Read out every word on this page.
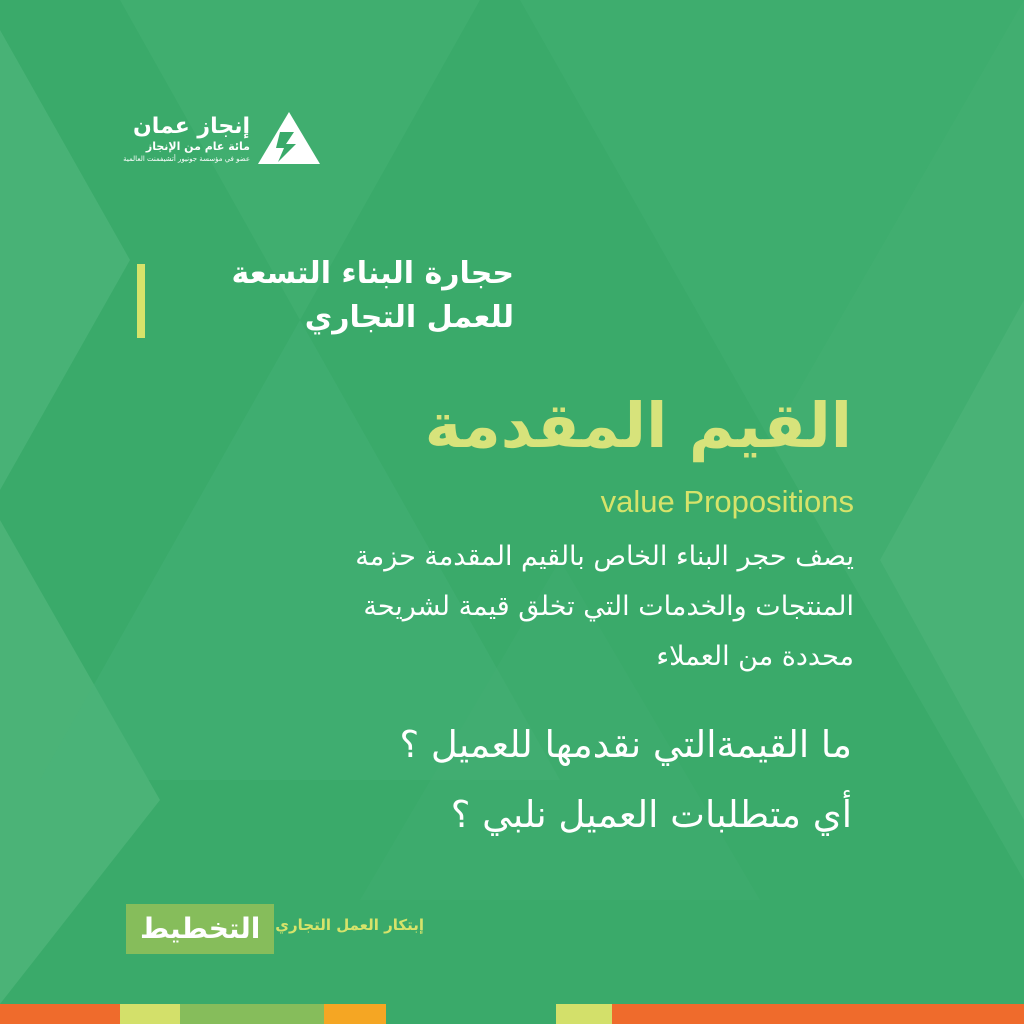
إنجاز عمان
مائة عام من الإنجاز
عضو في مؤسسة جونيور أتشيفمنت العالمية
حجارة البناء التسعة
للعمل التجاري
القيم المقدمة
value Propositions
يصف حجر البناء الخاص بالقيم المقدمة حزمة
المنتجات والخدمات التي تخلق قيمة لشريحة
محددة من العملاء
ما القيمةالتي نقدمها للعميل ؟
أي متطلبات العميل نلبي ؟
إبتكار العمل التجاري
التخطيط
